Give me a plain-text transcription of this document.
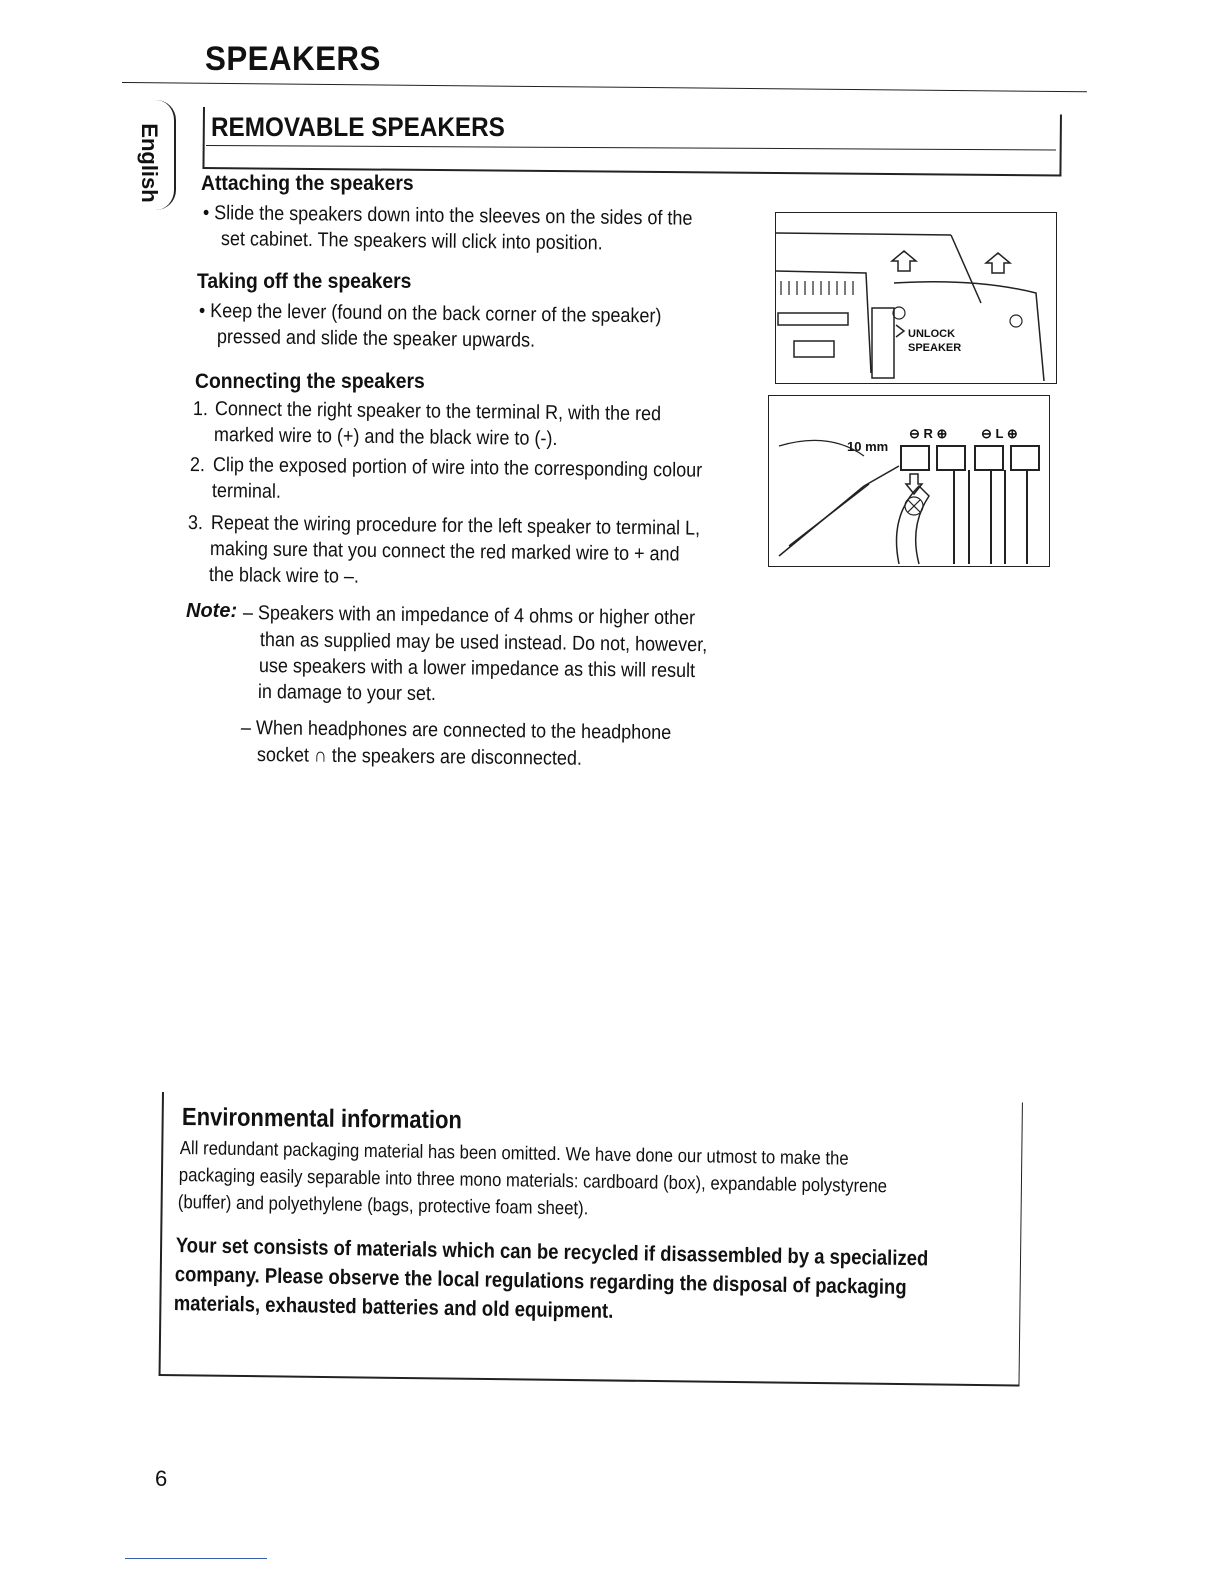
SPEAKERS
English REMOVABLE SPEAKERS
Attaching the speakers
• Slide the speakers down into the sleeves on the sides of the
set cabinet. The speakers will click into position.
Taking off the speakers
• Keep the lever (found on the back corner of the speaker)
pressed and slide the speaker upwards.
Connecting the speakers
1. Connect the right speaker to the terminal R, with the red
marked wire to (+) and the black wire to (-).
2. Clip the exposed portion of wire into the corresponding colour
terminal.
3. Repeat the wiring procedure for the left speaker to terminal L,
making sure that you connect the red marked wire to + and
the black wire to –.
Note: – Speakers with an impedance of 4 ohms or higher other
than as supplied may be used instead. Do not, however,
use speakers with a lower impedance as this will result
in damage to your set.
– When headphones are connected to the headphone
socket ∩ the speakers are disconnected.
UNLOCK
SPEAKER
10 mm
⊖ R ⊕	⊖ L ⊕
Environmental information
All redundant packaging material has been omitted. We have done our utmost to make the
packaging easily separable into three mono materials: cardboard (box), expandable polystyrene
(buffer) and polyethylene (bags, protective foam sheet).
Your set consists of materials which can be recycled if disassembled by a specialized
company. Please observe the local regulations regarding the disposal of packaging
materials, exhausted batteries and old equipment.
6
